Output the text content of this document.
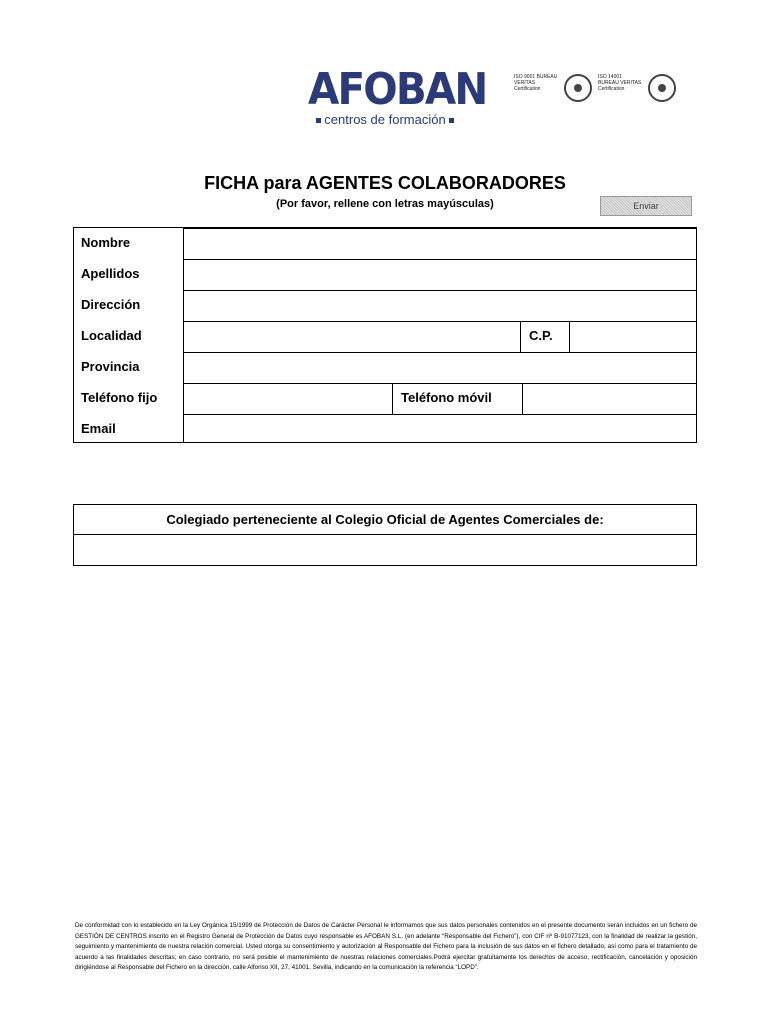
AFOBAN
centros de formación
ISO 9001 BUREAU VERITAS Certification
ISO 14001 BUREAU VERITAS Certification
FICHA para AGENTES COLABORADORES
(Por favor, rellene con letras mayúsculas)	Enviar
Nombre
Apellidos
Dirección
Localidad	C.P.
Provincia
Teléfono fijo	Teléfono móvil
Email
Colegiado perteneciente al Colegio Oficial de Agentes Comerciales de:
De conformidad con lo establecido en la Ley Orgánica 15/1999 de Protección de Datos de Carácter Personal le informamos que sus datos personales contenidos en el presente documento serán incluidos en un fichero de GESTIÓN DE CENTROS inscrito en el Registro General de Protección de Datos cuyo responsable es AFOBAN S.L. (en adelante “Responsable del Fichero”), con CIF nº B-91077123, con la finalidad de realizar la gestión, seguimiento y mantenimiento de nuestra relación comercial. Usted otorga su consentimiento y autorización al Responsable del Fichero para la inclusión de sus datos en el fichero detallado, así como para el tratamiento de acuerdo a las finalidades descritas; en caso contrario, no será posible el mantenimiento de nuestras relaciones comerciales.Podrá ejercitar gratuitamente los derechos de acceso, rectificación, cancelación y oposición dirigiéndose al Responsable del Fichero en la dirección, calle Alfonso XII, 27, 41001, Sevilla, indicando en la comunicación la referencia “LOPD”.
